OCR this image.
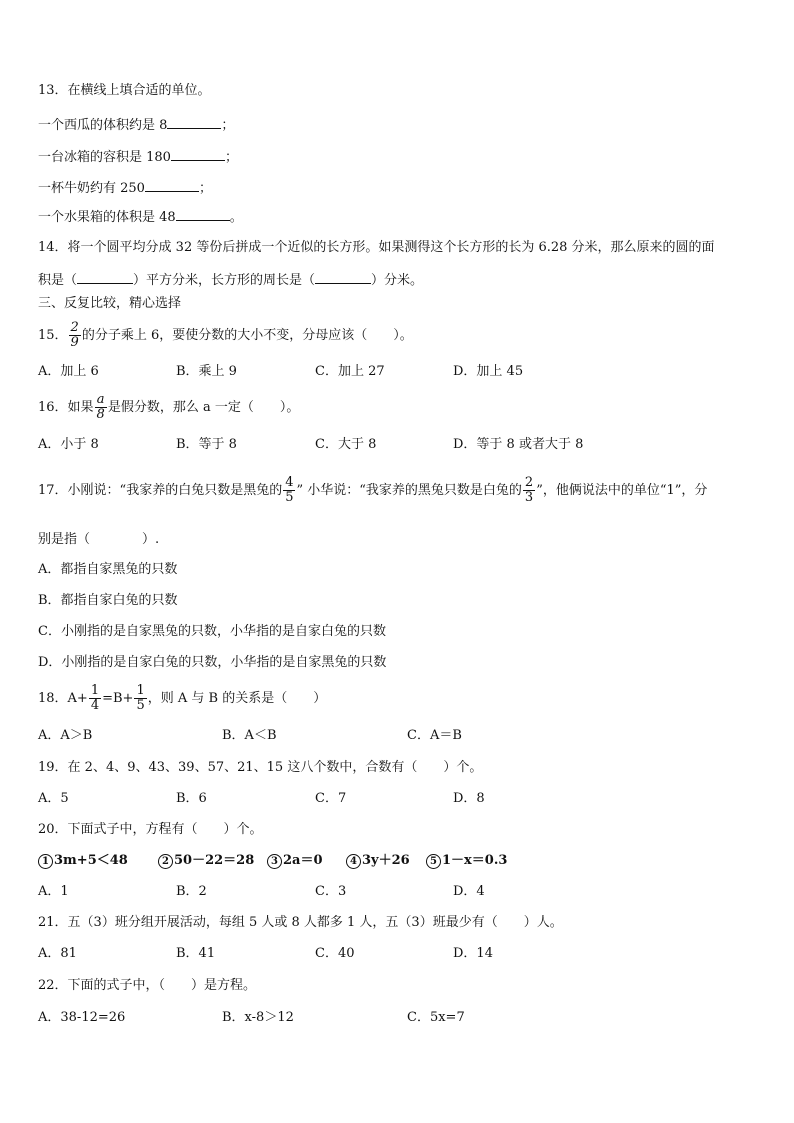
13．在横线上填合适的单位。
一个西瓜的体积约是 8	；
一台冰箱的容积是 180	；
一杯牛奶约有 250	；
一个水果箱的体积是 48	。
14．将一个圆平均分成 32 等份后拼成一个近似的长方形。如果测得这个长方形的长为 6.28 分米，那么原来的圆的面
积是（	）平方分米，长方形的周长是（	）分米。
三、反复比较，精心选择
15． $\frac{2}{9}$ 的分子乘上 6，要使分数的大小不变，分母应该（　　）。
A．加上 6	B．乘上 9	C．加上 27	D．加上 45
16．如果 $\frac{a}{8}$ 是假分数，那么 a 一定（　　）。
A．小于 8	B．等于 8	C．大于 8	D．等于 8 或者大于 8
17．小刚说：“我家养的白兔只数是黑兔的 $\frac{4}{5}$ ” 小华说：“我家养的黑兔只数是白兔的 $\frac{2}{3}$ ”，他俩说法中的单位“1”，分
别是指（　　　　）.
A．都指自家黑兔的只数
B．都指自家白兔的只数
C．小刚指的是自家黑兔的只数，小华指的是自家白兔的只数
D．小刚指的是自家白兔的只数，小华指的是自家黑兔的只数
18．$A+ \frac{1}{4} =B+ \frac{1}{5}$ ，则 A 与 B 的关系是（　　）
A．A＞B	B．A＜B	C．A＝B
19．在 2、4、9、43、39、57、21、15 这八个数中，合数有（　　）个。
A．5	B．6	C．7	D．8
20．下面式子中，方程有（　　）个。
1 3m+5＜48	2 50－22＝28	3 2a＝0	4 3y＋26	5 1－x＝0.3
A．1	B．2	C．3	D．4
21．五（3）班分组开展活动，每组 5 人或 8 人都多 1 人，五（3）班最少有（　　）人。
A．81	B．41	C．40	D．14
22．下面的式子中，（　　）是方程。
A．38-12=26	B．x-8＞12	C．5x=7
